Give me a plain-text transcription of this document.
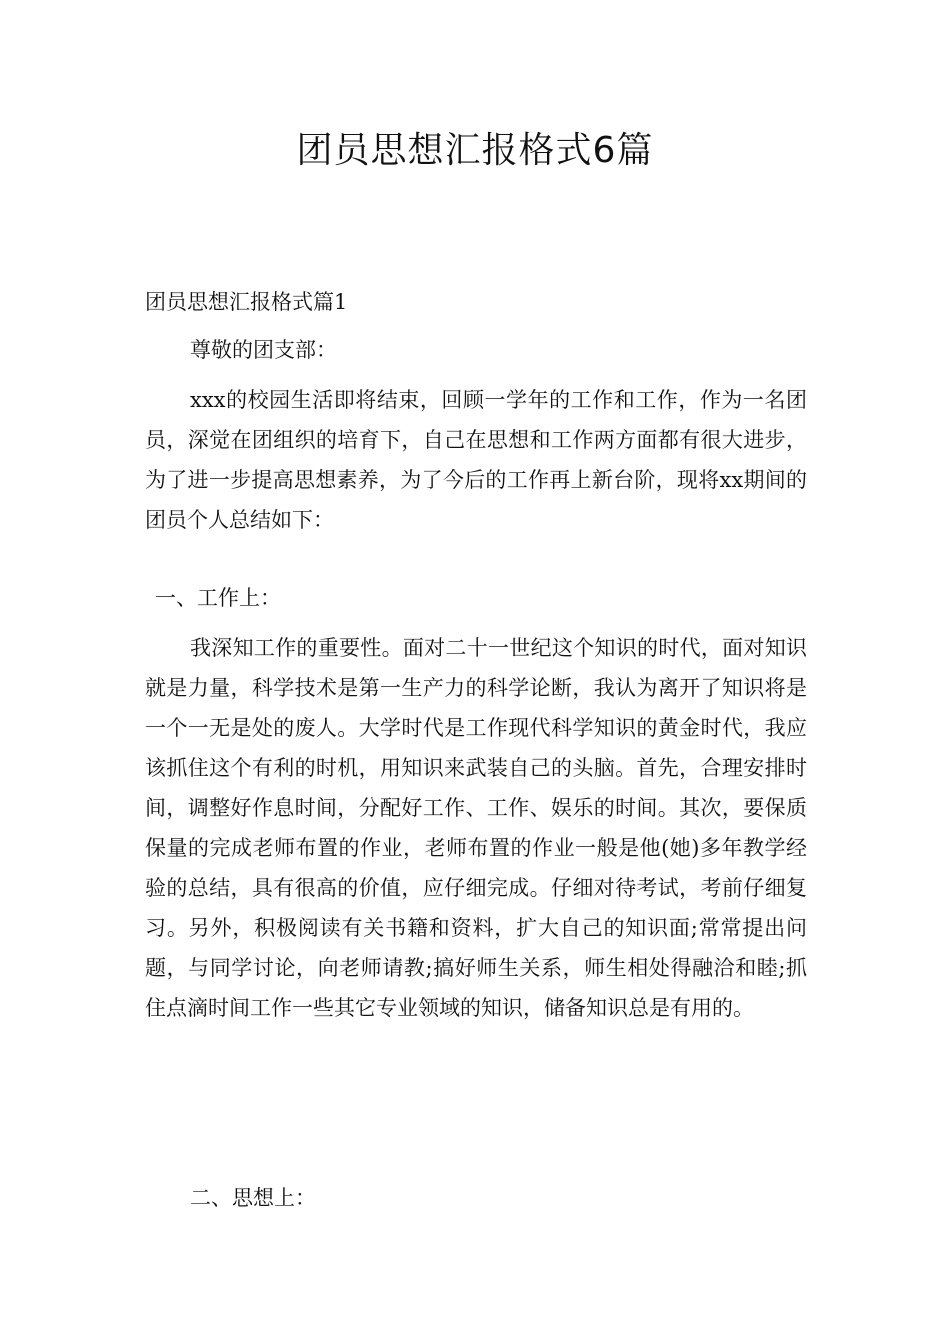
团员思想汇报格式6篇

团员思想汇报格式篇1

尊敬的团支部：

xxx的校园生活即将结束，回顾一学年的工作和工作，作为一名团员，深觉在团组织的培育下，自己在思想和工作两方面都有很大进步，为了进一步提高思想素养，为了今后的工作再上新台阶，现将xx期间的团员个人总结如下：

一、工作上：

我深知工作的重要性。面对二十一世纪这个知识的时代，面对知识就是力量，科学技术是第一生产力的科学论断，我认为离开了知识将是一个一无是处的废人。大学时代是工作现代科学知识的黄金时代，我应该抓住这个有利的时机，用知识来武装自己的头脑。首先，合理安排时间，调整好作息时间，分配好工作、工作、娱乐的时间。其次，要保质保量的完成老师布置的作业，老师布置的作业一般是他(她)多年教学经验的总结，具有很高的价值，应仔细完成。仔细对待考试，考前仔细复习。另外，积极阅读有关书籍和资料，扩大自己的知识面;常常提出问题，与同学讨论，向老师请教;搞好师生关系，师生相处得融洽和睦;抓住点滴时间工作一些其它专业领域的知识，储备知识总是有用的。

二、思想上：
